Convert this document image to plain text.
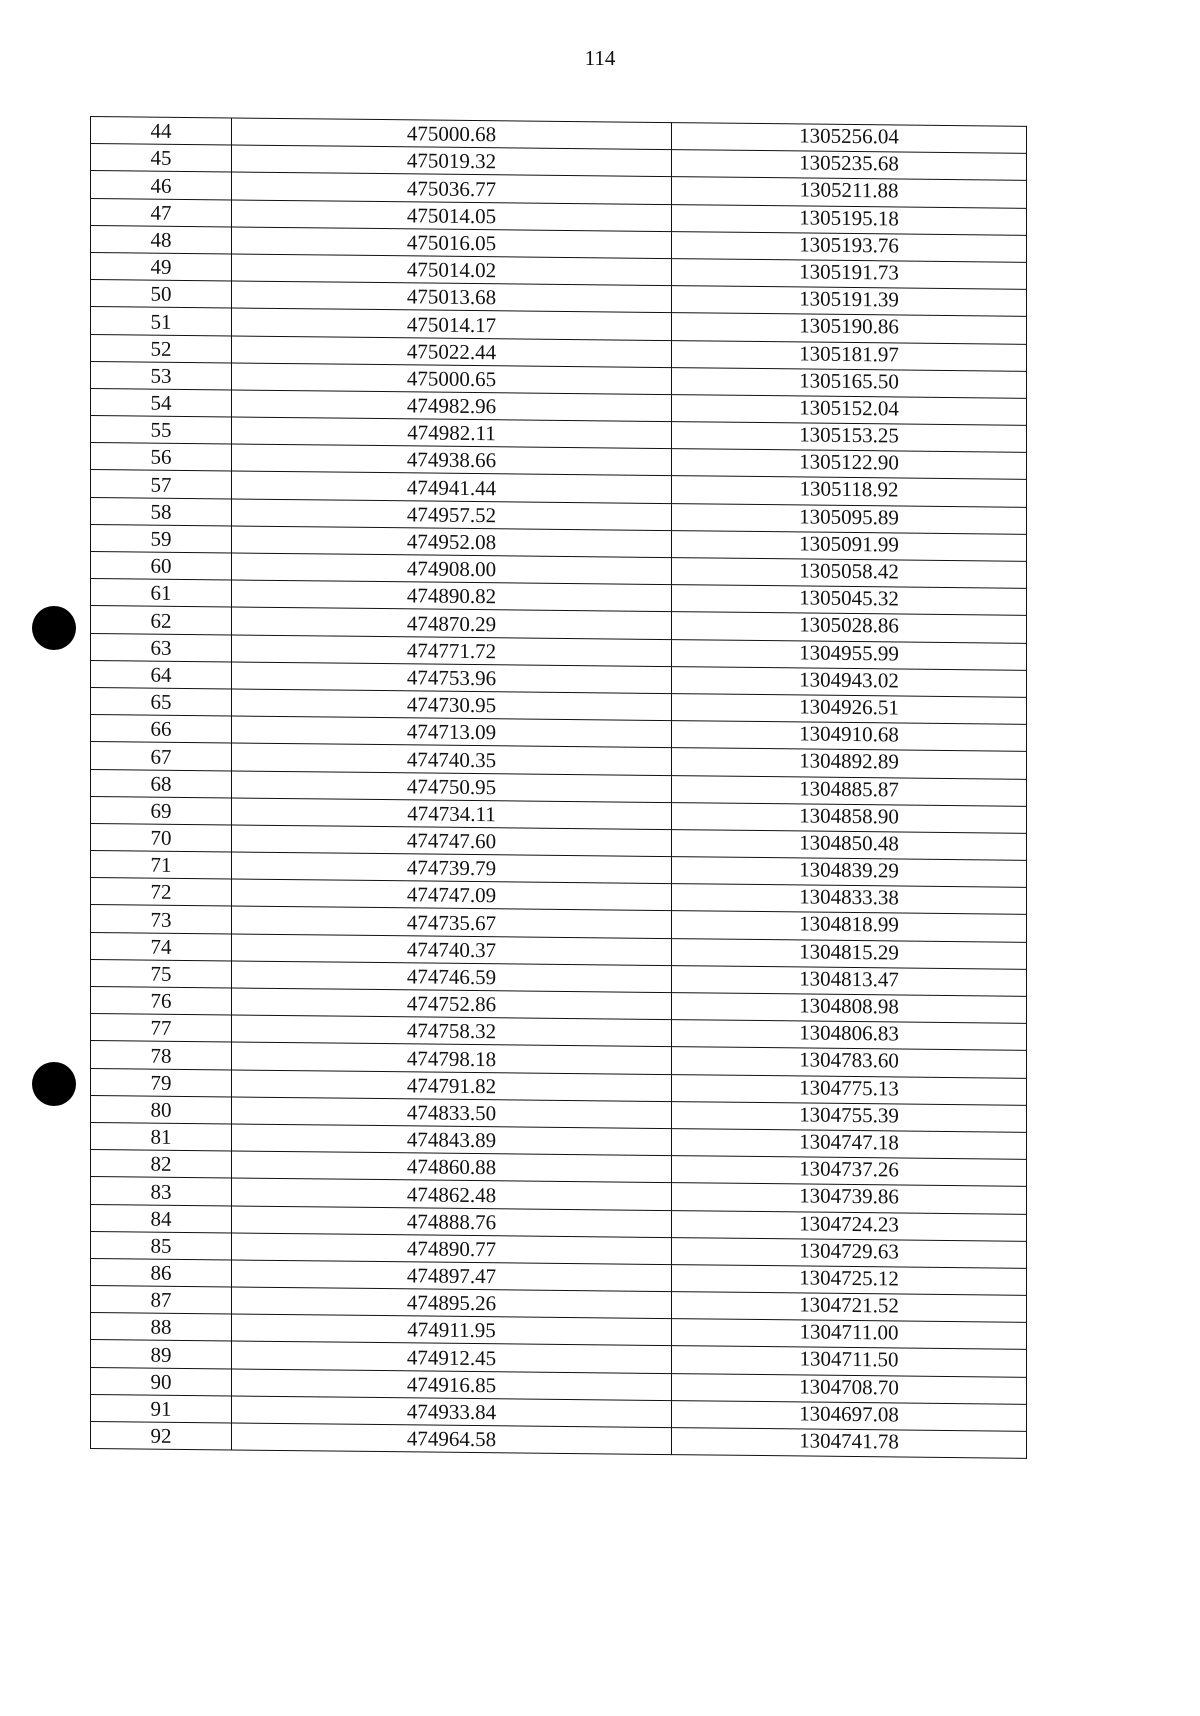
114
44	475000.68	1305256.04
45	475019.32	1305235.68
46	475036.77	1305211.88
47	475014.05	1305195.18
48	475016.05	1305193.76
49	475014.02	1305191.73
50	475013.68	1305191.39
51	475014.17	1305190.86
52	475022.44	1305181.97
53	475000.65	1305165.50
54	474982.96	1305152.04
55	474982.11	1305153.25
56	474938.66	1305122.90
57	474941.44	1305118.92
58	474957.52	1305095.89
59	474952.08	1305091.99
60	474908.00	1305058.42
61	474890.82	1305045.32
62	474870.29	1305028.86
63	474771.72	1304955.99
64	474753.96	1304943.02
65	474730.95	1304926.51
66	474713.09	1304910.68
67	474740.35	1304892.89
68	474750.95	1304885.87
69	474734.11	1304858.90
70	474747.60	1304850.48
71	474739.79	1304839.29
72	474747.09	1304833.38
73	474735.67	1304818.99
74	474740.37	1304815.29
75	474746.59	1304813.47
76	474752.86	1304808.98
77	474758.32	1304806.83
78	474798.18	1304783.60
79	474791.82	1304775.13
80	474833.50	1304755.39
81	474843.89	1304747.18
82	474860.88	1304737.26
83	474862.48	1304739.86
84	474888.76	1304724.23
85	474890.77	1304729.63
86	474897.47	1304725.12
87	474895.26	1304721.52
88	474911.95	1304711.00
89	474912.45	1304711.50
90	474916.85	1304708.70
91	474933.84	1304697.08
92	474964.58	1304741.78
